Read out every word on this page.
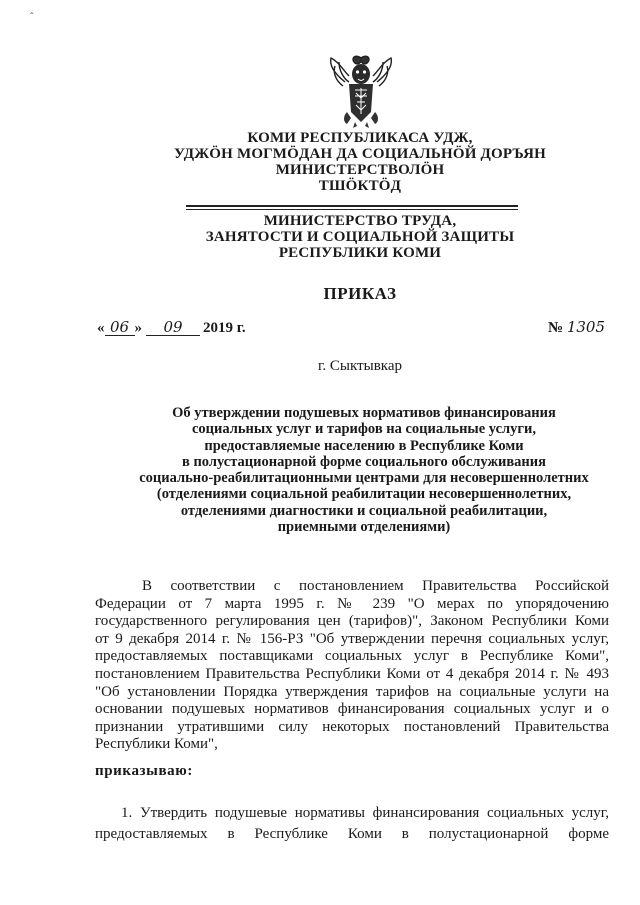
ˆ
КОМИ РЕСПУБЛИКАСА УДЖ,
УДЖӦН МОГМӦДАН ДА СОЦИАЛЬНӦЙ ДОРЪЯН
МИНИСТЕРСТВОЛӦН
ТШӦКТӦД
МИНИСТЕРСТВО ТРУДА,
ЗАНЯТОСТИ И СОЦИАЛЬНОЙ ЗАЩИТЫ
РЕСПУБЛИКИ КОМИ
ПРИКАЗ
« 06 » 09 2019 г.	№ 1305
г. Сыктывкар
Об утверждении подушевых нормативов финансирования
социальных услуг и тарифов на социальные услуги,
предоставляемые населению в Республике Коми
в полустационарной форме социального обслуживания
социально-реабилитационными центрами для несовершеннолетних
(отделениями социальной реабилитации несовершеннолетних,
отделениями диагностики и социальной реабилитации,
приемными отделениями)
В соответствии с постановлением Правительства Российской
Федерации от 7 марта 1995 г. № 239 "О мерах по упорядочению
государственного регулирования цен (тарифов)", Законом Республики Коми
от 9 декабря 2014 г. № 156-РЗ "Об утверждении перечня социальных услуг,
предоставляемых поставщиками социальных услуг в Республике Коми",
постановлением Правительства Республики Коми от 4 декабря 2014 г. № 493
"Об установлении Порядка утверждения тарифов на социальные услуги на
основании подушевых нормативов финансирования социальных услуг и о
признании утратившими силу некоторых постановлений Правительства
Республики Коми",
приказываю:
1. Утвердить подушевые нормативы финансирования социальных услуг,
предоставляемых в Республике Коми в полустационарной форме
